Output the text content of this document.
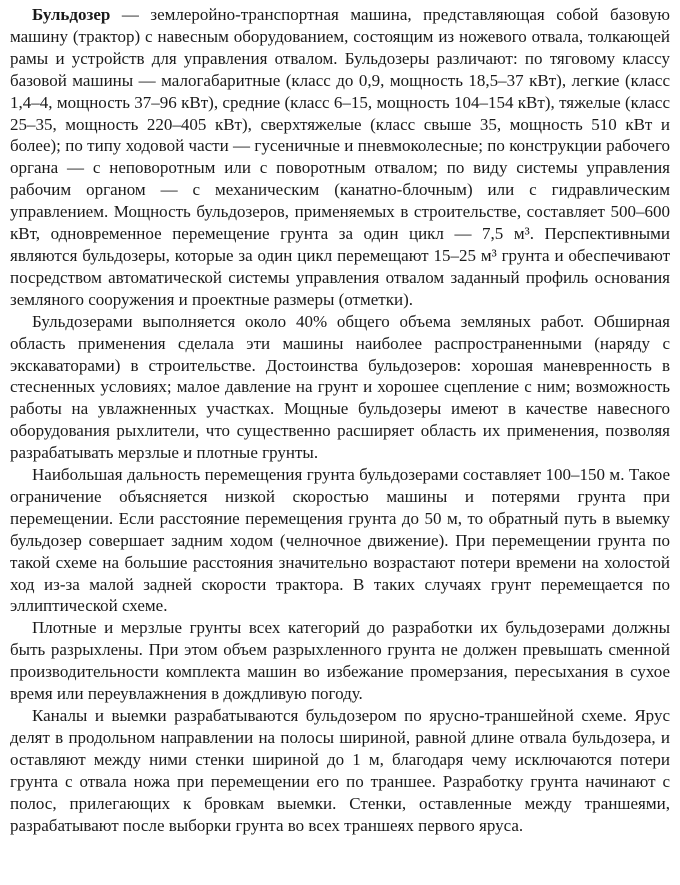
Бульдозер — землеройно-транспортная машина, представляющая собой базовую машину (трактор) с навесным оборудованием, состоящим из ножевого отвала, толкающей рамы и устройств для управления отвалом. Бульдозеры различают: по тяговому классу базовой машины — малогабаритные (класс до 0,9, мощность 18,5–37 кВт), легкие (класс 1,4–4, мощность 37–96 кВт), средние (класс 6–15, мощность 104–154 кВт), тяжелые (класс 25–35, мощность 220–405 кВт), сверхтяжелые (класс свыше 35, мощность 510 кВт и более); по типу ходовой части — гусеничные и пневмоколесные; по конструкции рабочего органа — с неповоротным или с поворотным отвалом; по виду системы управления рабочим органом — с механическим (канатно-блочным) или с гидравлическим управлением. Мощность бульдозеров, применяемых в строительстве, составляет 500–600 кВт, одновременное перемещение грунта за один цикл — 7,5 м³. Перспективными являются бульдозеры, которые за один цикл перемещают 15–25 м³ грунта и обеспечивают посредством автоматической системы управления отвалом заданный профиль основания земляного сооружения и проектные размеры (отметки).

Бульдозерами выполняется около 40% общего объема земляных работ. Обширная область применения сделала эти машины наиболее распространенными (наряду с экскаваторами) в строительстве. Достоинства бульдозеров: хорошая маневренность в стесненных условиях; малое давление на грунт и хорошее сцепление с ним; возможность работы на увлажненных участках. Мощные бульдозеры имеют в качестве навесного оборудования рыхлители, что существенно расширяет область их применения, позволяя разрабатывать мерзлые и плотные грунты.

Наибольшая дальность перемещения грунта бульдозерами составляет 100–150 м. Такое ограничение объясняется низкой скоростью машины и потерями грунта при перемещении. Если расстояние перемещения грунта до 50 м, то обратный путь в выемку бульдозер совершает задним ходом (челночное движение). При перемещении грунта по такой схеме на большие расстояния значительно возрастают потери времени на холостой ход из-за малой задней скорости трактора. В таких случаях грунт перемещается по эллиптической схеме.

Плотные и мерзлые грунты всех категорий до разработки их бульдозерами должны быть разрыхлены. При этом объем разрыхленного грунта не должен превышать сменной производительности комплекта машин во избежание промерзания, пересыхания в сухое время или переувлажнения в дождливую погоду.

Каналы и выемки разрабатываются бульдозером по ярусно-траншейной схеме. Ярус делят в продольном направлении на полосы шириной, равной длине отвала бульдозера, и оставляют между ними стенки шириной до 1 м, благодаря чему исключаются потери грунта с отвала ножа при перемещении его по траншее. Разработку грунта начинают с полос, прилегающих к бровкам выемки. Стенки, оставленные между траншеями, разрабатывают после выборки грунта во всех траншеях первого яруса.
